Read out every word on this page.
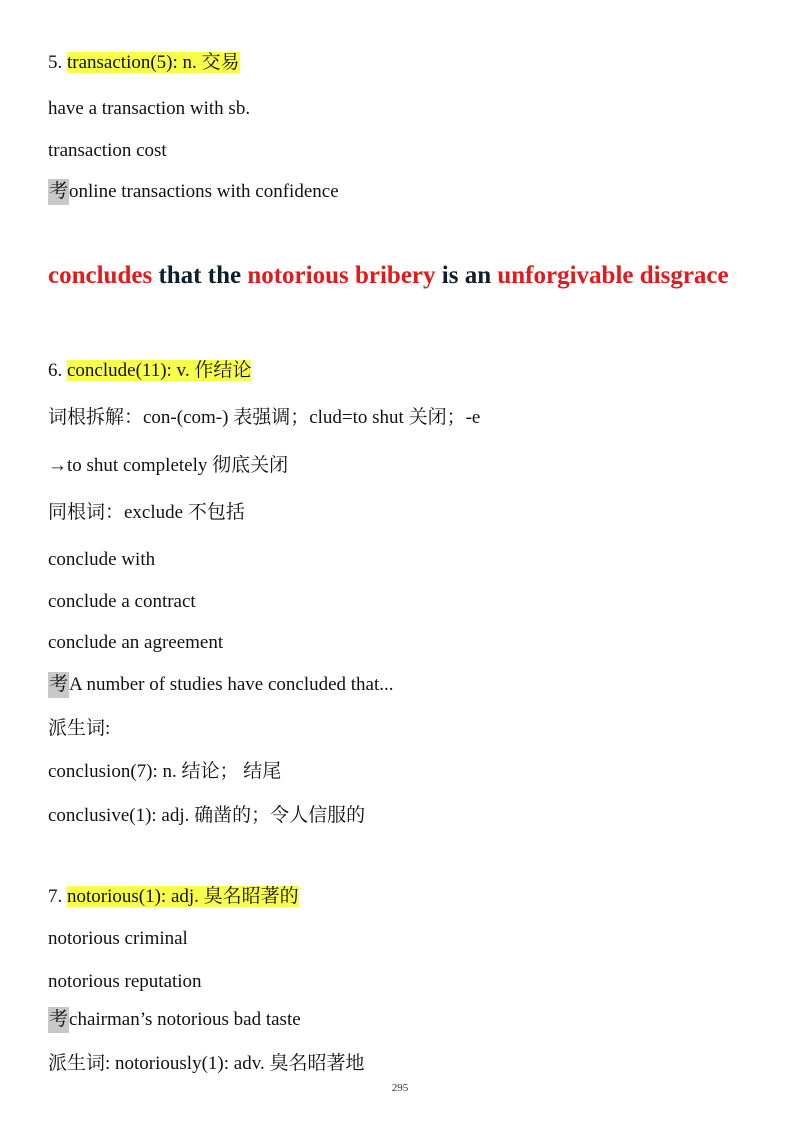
5. transaction(5): n. 交易
have a transaction with sb.
transaction cost
考online transactions with confidence
concludes that the notorious bribery is an unforgivable disgrace
6. conclude(11): v. 作结论
词根拆解：con-(com-) 表强调；clud=to shut 关闭；-e
→to shut completely 彻底关闭
同根词：exclude 不包括
conclude with
conclude a contract
conclude an agreement
考A number of studies have concluded that...
派生词:
conclusion(7): n. 结论； 结尾
conclusive(1): adj. 确凿的；令人信服的
7. notorious(1): adj. 臭名昭著的
notorious criminal
notorious reputation
考chairman’s notorious bad taste
派生词: notoriously(1): adv. 臭名昭著地
295
